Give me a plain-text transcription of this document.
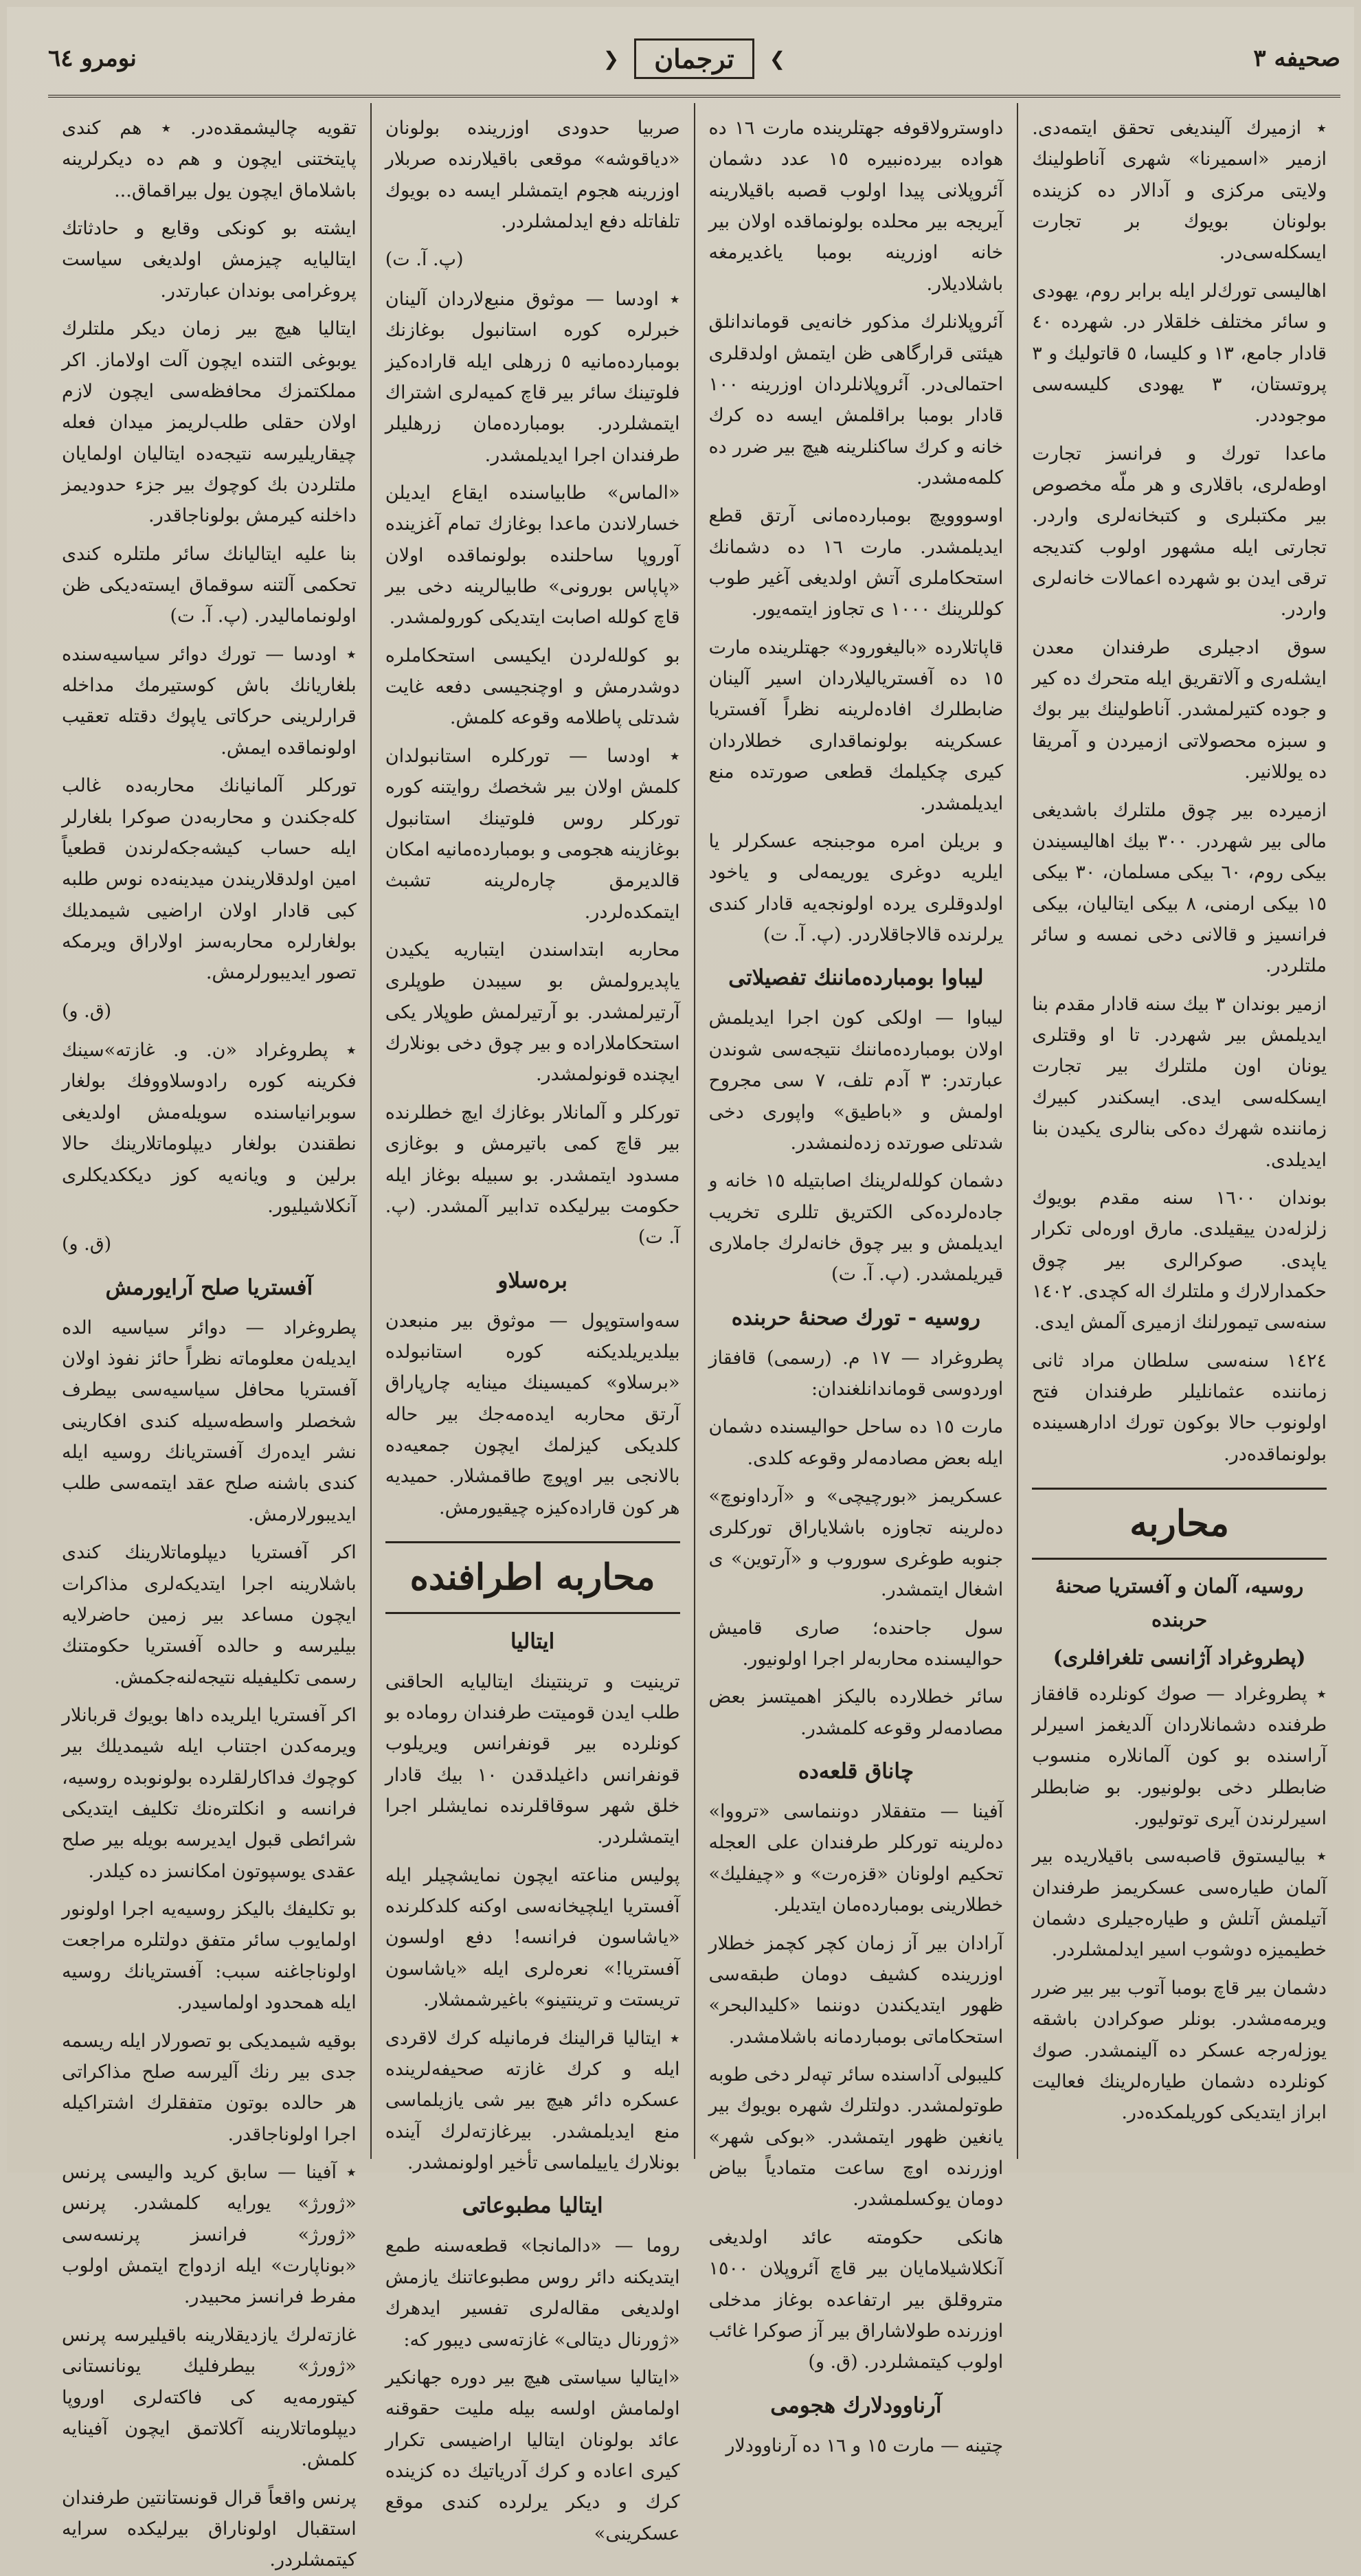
صحیفه ۳
❯
ترجمان
❮
نومرو ٦٤

٭ ازمیرك آلیندیغی تحقق ایتمه‌دی. ازمیر «اسمیرنا» شهری آناطولینك ولایتی مرکزی و آدالار ده کزینده بولونان بویوك بر تجارت ایسکله‌سی‌در.

اهالیسی تورك‌لر ایله برابر روم، یهودی و سائر مختلف خلقلار در. شهرده ٤٠ قادار جامع، ١٣ و کلیسا، ٥ قاتولیك و ٣ پروتستان، ٣ یهودی کلیسه‌سی موجوددر.

ماعدا تورك و فرانسز تجارت اوطه‌لری، باقلاری و هر ملّه مخصوص بیر مکتبلری و کتبخانه‌لری واردر. تجارتی ایله مشهور اولوب کتدیجه ترقی ایدن بو شهرده اعمالات خانه‌لری واردر.

سوق ادجیلری طرفندان معدن ایشله‌ری و آلاتقریق ایله متحرك ده کیر و جوده کتیرلمشدر. آناطولینك بیر بوك و سبزه محصولاتی ازمیردن و آمریقا ده یوللانیر.

ازمیرده بیر چوق ملتلرك باشدیغی مالی بیر شهردر. ٣٠٠ بیك اهالیسیندن بیکی روم، ٦٠ بیکی مسلمان، ٣٠ بیکی ١٥ بیکی ارمنی، ٨ بیکی ایتالیان، بیکی فرانسیز و قالانی دخی نمسه و سائر ملتلردر.

ازمیر بوندان ٣ بیك سنه قادار مقدم بنا ایدیلمش بیر شهردر. تا او وقتلری یونان اون ملتلرك بیر تجارت ایسکله‌سی ایدی. ایسکندر کبیرك زماننده شهرك ده‌کی بنالری یکیدن بنا ایدیلدی.

بوندان ١٦٠٠ سنه مقدم بویوك زلزله‌دن ییقیلدی. مارق اوره‌لی تکرار یاپدی. صوکرالری بیر چوق حکمدارلارك و ملتلرك اله کچدی. ١٤٠٢ سنه‌سی تیمورلنك ازمیری آلمش ایدی.

١٤٢٤ سنه‌سی سلطان مراد ثانی زماننده عثمانلیلر طرفندان فتح اولونوب حالا بوکون تورك ادارهسینده بولونماقده‌در.

محاربه
روسیه، آلمان و آفستریا صحنهٔ حربنده
(پطروغراد آژانسی تلغرافلری)

٭ پطروغراد — صوك کونلرده قافقاز طرفنده دشمانلاردان آلدیغمز اسیرلر آراسنده بو کون آلمانلاره منسوب ضابطلر دخی بولونیور. بو ضابطلر اسیرلرندن آیری توتولیور.

٭ بیالیستوق قاصبه‌سی باقیلاریده بیر آلمان طیاره‌سی عسکریمز طرفندان آتیلمش آتلش و طیاره‌جیلری دشمان خطیمیزه دوشوب اسیر ایدلمشلردر.

دشمان بیر قاچ بومبا آتوب بیر بیر ضرر ویرمه‌مشدر. بونلر صوکرادن باشقه یوزله‌رجه عسکر ده آلینمشدر. صوك کونلرده دشمان طیاره‌لرینك فعالیت ابراز ایتدیکی کوریلمکده‌در.

داوسترولاقوفه جهتلرینده مارت ١٦ ده هواده بیرده‌نبیره ١٥ عدد دشمان آئروپلانی پیدا اولوب قصبه باقیلارینه آیریجه بیر محلده بولونماقده اولان بیر خانه اوزرینه بومبا یاغدیرمغه باشلادیلار.

آئروپلانلرك مذکور خانه‌یی قوماندانلق هیئتی قرارگاهی ظن ایتمش اولدقلری احتمالی‌در. آئروپلانلردان اوزرینه ١٠٠ قادار بومبا براقلمش ایسه ده کرك خانه و کرك ساکنلرینه هیچ بیر ضرر ده کلمه‌مشدر.

اوسووویچ بومبارده‌مانی آرتق قطع ایدیلمشدر. مارت ١٦ ده دشمانك استحکاملری آتش اولدیغی آغیر طوب کوللرینك ١٠٠٠ ی تجاوز ایتمه‌یور.

قاپاتلارده «بالیغورود» جهتلرینده مارت ١٥ ده آفستریالیلاردان اسیر آلینان ضابطلرك افاده‌لرینه نظراً آفستریا عسکرینه بولونماقداری خطلاردان کیری چکیلمك قطعی صورتده منع ایدیلمشدر.

و بریلن امره موجبنجه عسکرلر یا ایلریه دوغری یوریمه‌لی و یاخود اولدوقلری یرده اولونجه‌یه قادار کندی یرلرنده قالاجاقلاردر. (پ. آ. ت)

لیباوا بومبارده‌ماننك تفصیلاتی

لیباوا — اولکی کون اجرا ایدیلمش اولان بومبارده‌ماننك نتیجه‌سی شوندن عبارتدر: ٣ آدم تلف، ٧ سی مجروح اولمش و «باطیق» واپوری دخی شدتلی صورتده زده‌لنمشدر.

دشمان کولله‌لرینك اصابتیله ١٥ خانه و جاده‌لرده‌کی الکتریق تللری تخریب ایدیلمش و بیر چوق خانه‌لرك جاملاری قیریلمشدر. (پ. آ. ت)

روسیه - تورك صحنهٔ حربنده

پطروغراد — ١٧ م. (رسمی) قافقاز اوردوسی قوماندانلغندان:

مارت ١٥ ده ساحل حوالیسنده دشمان ایله بعض مصادمه‌لر وقوعه کلدی.

عسکریمز «بورچیچی» و «آرداونوچ» ده‌لرینه تجاوزه باشلایاراق تورکلری جنوبه طوغری سوروب و «آرتوین» ی اشغال ایتمشدر.

سول جاحنده؛ صاری قامیش حوالیسنده محاربه‌لر اجرا اولونیور.

سائر خطلارده بالیکز اهمیتسز بعض مصادمه‌لر وقوعه کلمشدر.

چاناق قلعه‌ده

آفینا — متفقلار دوننماسی «ترووا» ده‌لرینه تورکلر طرفندان علی العجله تحکیم اولونان «قزه‌رت» و «چیفلیك» خطلارینی بومبارده‌مان ایتدیلر.

آرادان بیر آز زمان کچر کچمز خطلار اوزرینده کشیف دومان طبقه‌سی ظهور ایتدیکندن دوننما «کلیدالبحر» استحکاماتی بومباردمانه باشلامشدر.

کلیبولی آداسنده سائر تپه‌لر دخی طوبه طوتولمشدر. دولتلرك شهره بویوك بیر یانغین ظهور ایتمشدر. «بوکی شهر» اوزرنده اوچ ساعت متمادیاً بیاض دومان یوکسلمشدر.

هانکی حکومته عائد اولدیغی آنکلاشیلامایان بیر قاچ آئروپلان ١٥٠٠ متروقلق بیر ارتفاعده بوغاز مدخلی اوزرنده طولاشاراق بیر آز صوکرا غائب اولوب کیتمشلردر. (ق. و)

آرناوودلارك هجومی

چتینه — مارت ١٥ و ١٦ ده آرناوودلار

صربیا حدودی اوزرینده بولونان «دیاقوشه» موقعی باقیلارنده صربلار اوزرینه هجوم ایتمشلر ایسه ده بویوك تلفاتله دفع ایدلمشلردر.

(پ. آ. ت)

٭ اودسا — موثوق منبع‌لاردان آلینان خبرلره کوره استانبول بوغازنك بومبارده‌مانیه ٥ زرهلی ایله قاراده‌کیز فلوتینك سائر بیر قاچ کمیه‌لری اشتراك ایتمشلردر. بومبارده‌مان زرهلیلر طرفندان اجرا ایدیلمشدر.

«الماس» طابیاسنده ایقاع ایدیلن خسارلاندن ماعدا بوغازك تمام آغزینده آوروپا ساحلنده بولونماقده اولان «پاپاس بورونی» طابیالرینه دخی بیر قاچ کولله اصابت ایتدیکی کورولمشدر.

بو کولله‌لردن ایکیسی استحکاملره دوشدرمش و اوچنجیسی دفعه غایت شدتلی پاطلامه وقوعه کلمش.

٭ اودسا — تورکلره استانبولدان کلمش اولان بیر شخصك روایتنه کوره تورکلر روس فلوتینك استانبول بوغازینه هجومی و بومبارده‌مانیه امکان قالدیرمق چاره‌لرینه تشبث ایتمکده‌لردر.

محاربه ابتداسندن ایتباریه یکیدن یاپدیرولمش بو سیبدن طوپلری آرتیرلمشدر. بو آرتیرلمش طوپلار یکی استحکاملاراده و بیر چوق دخی بونلارك ایچنده قونولمشدر.

تورکلر و آلمانلار بوغازك ایچ خطلرنده بیر قاچ کمی باتیرمش و بوغازی مسدود ایتمشدر. بو سبیله بوغاز ایله حکومت بیرلیكده تدابیر آلمشدر. (پ. آ. ت)

بره‌سلاو

سه‌واستوپول — موثوق بیر منبعدن بیلدیریلدیکنه کوره استانبولده «برسلاو» کمیسینك مینایه چارپاراق آرتق محاربه ایده‌مه‌جك بیر حاله کلدیکی کیزلمك ایچون جمعیه‌ده بالانجی بیر اوپوچ طاقمشلار. حمیدیه هر کون قاراده‌کیزه چیقیورمش.

محاربه اطرافنده
ایتالیا

ترینیت و ترینتینك ایتالیایه الحاقنی طلب ایدن قومیتت طرفندان روماده بو کونلرده بیر قونفرانس ویریلوب قونفرانس داغیلدقدن ١٠ بیك قادار خلق شهر سوقاقلرنده نمایشلر اجرا ایتمشلردر.

پولیس مناعته ایچون نمایشچیلر ایله آفستریا ایلچیخانه‌سی اوکنه کلدکلرنده «یاشاسون فرانسه! دفع اولسون آفستریا!» نعره‌لری ایله «یاشاسون تریستت و ترینتینو» باغیرشمشلار.

٭ ایتالیا قرالینك فرمانیله کرك لاقردی ایله و کرك غازته صحیفه‌لرینده عسکره دائر هیچ بیر شی یازیلماسی منع ایدیلمشدر. بیرغازته‌لرك آینده بونلارك یاییلماسی تأخیر اولونمشدر.

ایتالیا مطبوعاتی

روما — «دالمانجا» قطعه‌سنه طمع ایتدیکنه دائر روس مطبوعاتنك یازمش اولدیغی مقاله‌لری تفسیر ایدهرك «ژورنال دیتالی» غازته‌سی دیبور که:

«ایتالیا سیاستی هیچ بیر دوره جهانکیر اولمامش اولسه بیله ملیت حقوقنه عائد بولونان ایتالیا اراضیسی تکرار کیری اعاده و کرك آدریاتیك ده کزینده کرك و دیکر یرلرده کندی موقع عسکرینی»

تقویه چالیشمقده‌در. ٭ هم کندی پایتختنی ایچون و هم ده دیکرلرینه باشلاماق ایچون یول بیراقماق...

ایشته بو کونکی وقایع و حادثاتك ایتالیایه چیزمش اولدیغی سیاست پروغرامی بوندان عبارتدر.

ایتالیا هیچ بیر زمان دیکر ملتلرك یوبوغی التنده ایچون آلت اولاماز. اکر مملکتمزك محافظه‌سی ایچون لازم اولان حقلی طلب‌لریمز میدان فعله چیقاریلیرسه نتیجه‌ده ایتالیان اولمایان ملتلردن بك کوچوك بیر جزء حدودیمز داخلنه کیرمش بولوناجاقدر.

بنا علیه ایتالیانك سائر ملتلره کندی تحکمی آلتنه سوقماق ایسته‌دیکی ظن اولونمامالیدر. (پ. آ. ت)

٭ اودسا — تورك دوائر سیاسیه‌سنده بلغاریانك باش کوستیرمك مداخله قرارلرینی حرکاتی یاپوك دقتله تعقیب اولونماقده ایمش.

تورکلر آلمانیانك محاربه‌ده غالب کلەجکندن و محاربه‌دن صوکرا بلغارلر ایله حساب کیشه‌جکه‌لرندن قطعیاً امین اولدقلاریندن میدینه‌ده نوس طلبه کبی قادار اولان اراضیی شیمدیلك بولغارلره محاربه‌سز اولاراق ویرمکه تصور ایدیبورلرمش.

(ق. و)

٭ پطروغراد «ن. و. غازته‌»سینك فکرینه کوره رادوسلاووفك بولغار سوبرانیاسنده سویله‌مش اولدیغی نطقندن بولغار دیپلوماتلارینك حالا برلین و ویانه‌یه کوز دیککدیکلری آنکلاشیلیور.

(ق. و)
آفستریا صلح آرایورمش

پطروغراد — دوائر سیاسیه الده ایدیلەن معلوماته نظراً حائز نفوذ اولان آفستریا محافل سیاسیه‌سی بیطرف شخصلر واسطه‌سیله کندی افکارینی نشر ایده‌رك آفستریانك روسیه ایله کندی باشنه صلح عقد ایتمه‌سی طلب ایدیبورلارمش.

اکر آفستریا دیپلوماتلارینك کندی باشلارینه اجرا ایتدیکه‌لری مذاکرات ایچون مساعد بیر زمین حاضرلایه بیلیرسه و حالده آفستریا حکومتنك رسمی تکلیفیله نتیجه‌لنه‌جکمش.

اکر آفستریا ایلریده داها بویوك قربانلار ویرمه‌کدن اجتناب ایله شیمدیلك بیر کوچوك فداکارلقلرده بولونوبده روسیه، فرانسه و انکلتره‌نك تکلیف ایتدیکی شرائطی قبول ایدیرسه بویله بیر صلح عقدی یوسپوتون امکانسز ده کیلدر.

بو تکلیفك بالیکز روسیه‌یه اجرا اولونور اولمایوب سائر متفق دولتلره مراجعت اولوناجاغنه سبب: آفستریانك روسیه ایله همحدود اولماسیدر.

بوقیه شیمدیکی بو تصورلار ایله ریسمه جدی بیر رنك آلیرسه صلح مذاکراتی هر حالده بوتون متفقلرك اشتراکیله اجرا اولوناجاقدر.

٭ آفینا — سابق کرید والیسی پرنس «ژورژ» یورایه کلمشدر. پرنس «ژورژ» فرانسز پرنسه‌سی «بوناپارت» ایله ازدواج ایتمش اولوب مفرط فرانسز محبیدر.

غازته‌لرك یازدیقلارینه باقیلیرسه پرنس «ژورژ» بیطرفلیك یونانستانی کیتورمه‌یه کی فاکته‌لری اوروپا دیپلوماتلارینه آکلاتمق ایچون آفینایه کلمش.

پرنس واقعاً قرال قونستانتین طرفندان استقبال اولوناراق بیرلیکده سرایه کیتمشلردر.
